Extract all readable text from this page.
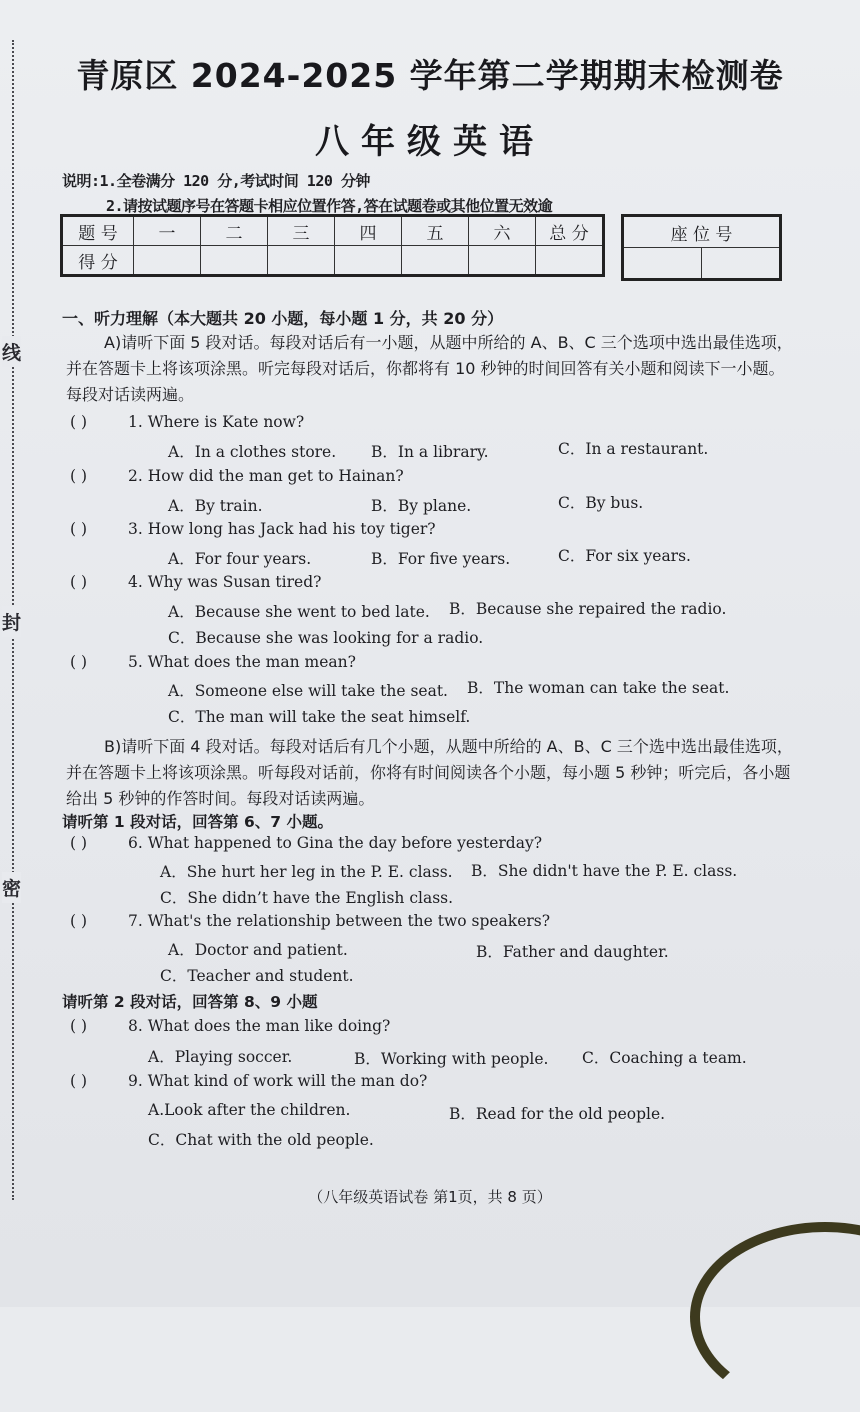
线
封
密
青原区 2024-2025 学年第二学期期末检测卷
八年级英语
说明:1.全卷满分 120 分,考试时间 120 分钟
2.请按试题序号在答题卡相应位置作答,答在试题卷或其他位置无效逾
题 号	一	二	三	四	五	六	总 分
得 分							
座 位 号

一、听力理解（本大题共 20 小题，每小题 1 分，共 20 分）
A)请听下面 5 段对话。每段对话后有一小题，从题中所给的 A、B、C 三个选项中选出最佳选项，并在答题卡上将该项涂黑。听完每段对话后，你都将有 10 秒钟的时间回答有关小题和阅读下一小题。每段对话读两遍。
( )	1. Where is Kate now?
A．In a clothes store. B．In a library.	C．In a restaurant.
( )	2. How did the man get to Hainan?
A．By train.	B．By plane.	C．By bus.
( )	3. How long has Jack had his toy tiger?
A．For four years.	B．For five years.	C．For six years.
( )	4. Why was Susan tired?
A．Because she went to bed late. B．Because she repaired the radio.
C．Because she was looking for a radio.
( )	5. What does the man mean?
A．Someone else will take the seat. B．The woman can take the seat.
C．The man will take the seat himself.
B)请听下面 4 段对话。每段对话后有几个小题，从题中所给的 A、B、C 三个选中选出最佳选项，并在答题卡上将该项涂黑。听每段对话前，你将有时间阅读各个小题，每小题 5 秒钟；听完后，各小题给出 5 秒钟的作答时间。每段对话读两遍。
请听第 1 段对话，回答第 6、7 小题。
( )	6. What happened to Gina the day before yesterday?
A．She hurt her leg in the P. E. class. B．She didn't have the P. E. class.
C．She didn’t have the English class.
( )	7. What's the relationship between the two speakers?
A．Doctor and patient.	B．Father and daughter.
C．Teacher and student.
请听第 2 段对话，回答第 8、9 小题
( )	8. What does the man like doing?
A．Playing soccer.	B．Working with people. C．Coaching a team.
( )	9. What kind of work will the man do?
A.Look after the children.	B．Read for the old people.
C．Chat with the old people.
（八年级英语试卷 第1页，共 8 页）
